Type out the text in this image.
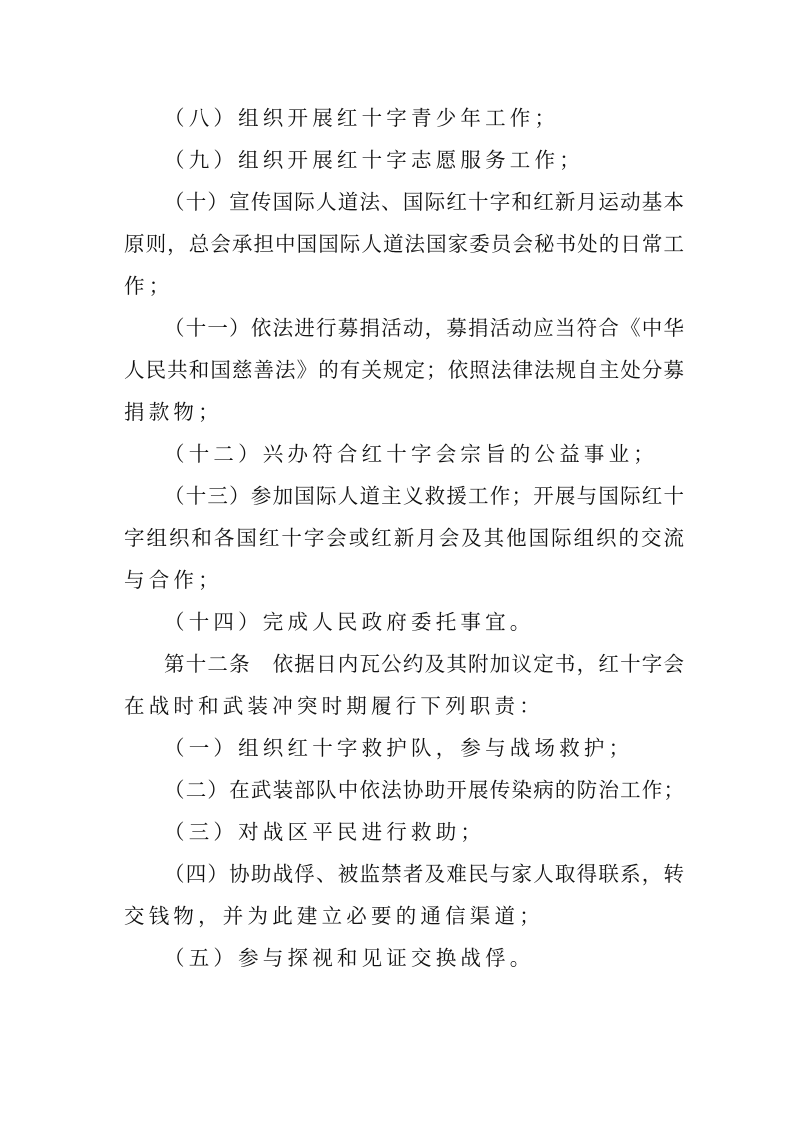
（八）组织开展红十字青少年工作；
（九）组织开展红十字志愿服务工作；
（十）宣传国际人道法、国际红十字和红新月运动基本
原则，总会承担中国国际人道法国家委员会秘书处的日常工
作；
（十一）依法进行募捐活动，募捐活动应当符合《中华
人民共和国慈善法》的有关规定；依照法律法规自主处分募
捐款物；
（十二）兴办符合红十字会宗旨的公益事业；
（十三）参加国际人道主义救援工作；开展与国际红十
字组织和各国红十字会或红新月会及其他国际组织的交流
与合作；
（十四）完成人民政府委托事宜。
第十二条　依据日内瓦公约及其附加议定书，红十字会
在战时和武装冲突时期履行下列职责：
（一）组织红十字救护队，参与战场救护；
（二）在武装部队中依法协助开展传染病的防治工作；
（三）对战区平民进行救助；
（四）协助战俘、被监禁者及难民与家人取得联系，转
交钱物，并为此建立必要的通信渠道；
（五）参与探视和见证交换战俘。
